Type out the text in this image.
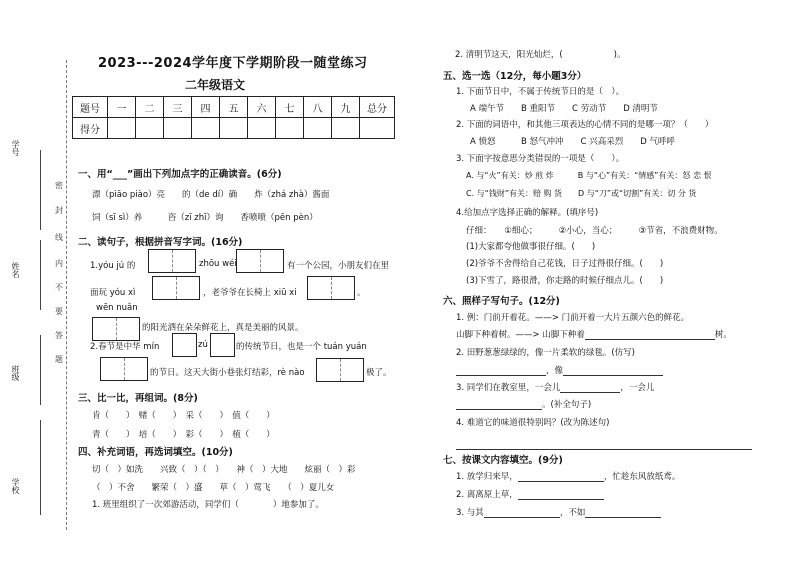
学号
姓名
班级
学校
密
封
线
内
不
要
答
题
2023---2024学年度下学期阶段一随堂练习
二年级语文
题号	一	二	三	四	五	六	七	八	九	总分
得分										
一、用“___”画出下列加点字的正确读音。(6分)
漂（piāo piào）亮　　的（de dí）确　　炸（zhá zhà）酱面
饲（sī sì）养　　　咨（zī zhī）询　　香喷喷（pēn pèn）
二、读句子，根据拼音写字词。(16分)
1.yóu jú 的	zhōu wéi	有一个公园，小朋友们在里
面玩 yóu xì	，老爷爷在长椅上 xiū xi	。
wēn nuǎn
的阳光洒在朵朵鲜花上，真是美丽的风景。
2.春节是中华 mín	zú	的传统节日，也是一个 tuán yuán
的节日。这天大街小巷张灯结彩，rè nào	极了。
三、比一比，再组词。(8分)
肯（　　）　赌（　　）　采（　　）　值（　　）
青（　　）　培（　　）　彩（　　）　植（　　）
四、补充词语，再选词填空。(10分)
切（　）如洗　　兴致（　）（　）　　神（　）大地　　炫丽（　）彩
（　）不舍　　繁荣（　）盛　　草（　）莺飞　　（　）夏儿女
1. 班里组织了一次郊游活动，同学们（　　　　）地参加了。
2. 清明节这天，阳光灿烂，(　　　　　　)。
五、选一选（12分，每小题3分）
1. 下面节日中，不属于传统节日的是（　）。
A 端午节　　B 重阳节　　C 劳动节　　D 清明节
2. 下面的词语中，和其他三项表达的心情不同的是哪一项？（　　）
A 愤怒　　　B 怒气冲冲　　C 兴高采烈　　D 气呼呼
3. 下面字按意思分类错误的一项是（　　）。
A. 与“火”有关：炒 煎 炸　　　B 与“心”有关：“情感”有关：怒 恋 恨
C. 与“钱财”有关：赔 购 货　　D 与“刀”或“切割”有关：切 分 货
4.给加点字选择正确的解释。(填序号)
仔细：　　①细心；　　　②小心，当心；　　　③节省，不浪费财物。
(1)大家都夸他做事很仔细。(　　)
(2)爷爷不舍得给自己花钱，日子过得很仔细。(　　)
(3)下雪了，路很滑，你走路的时候仔细点儿。(　　)
六、照样子写句子。(12分)
1. 例：门前开着花。——> 门前开着一大片五颜六色的鲜花。
山脚下种着树。——> 山脚下种着	树。
2. 田野葱葱绿绿的，像一片柔软的绿毯。(仿写)
，像
3. 同学们在教室里，一会儿	，一会儿
。(补全句子)
4. 难道它的味道很特别吗？(改为陈述句)
七、按课文内容填空。(9分)
1. 放学归来早，	，忙趁东风放纸鸢。
2. 离离原上草，
3. 与其	，不如
